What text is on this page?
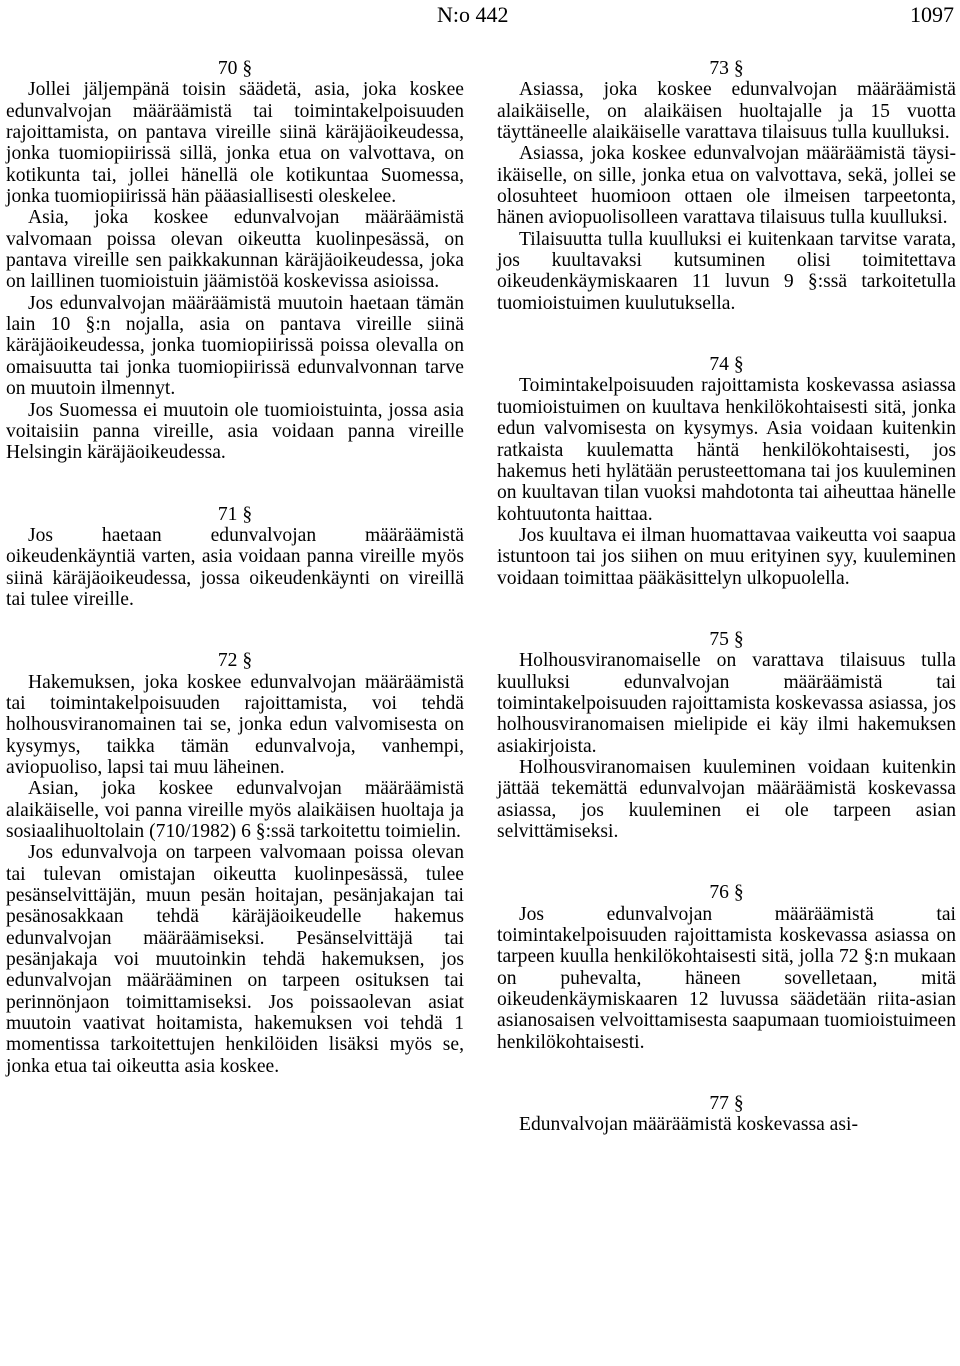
N:o 442	1097
70 §
Jollei jäljempänä toisin säädetä, asia, joka koskee edunvalvojan määräämistä tai toimintakelpoisuuden rajoittamista, on pantava vireille siinä käräjäoikeudessa, jonka tuomiopiirissä sillä, jonka etua on valvottava, on kotikunta tai, jollei hänellä ole kotikuntaa Suomessa, jonka tuomiopiirissä hän pääasiallisesti oleskelee.
Asia, joka koskee edunvalvojan määräämistä valvomaan poissa olevan oikeutta kuolinpesässä, on pantava vireille sen paikkakunnan käräjäoikeudessa, joka on laillinen tuomioistuin jäämistöä koskevissa asioissa.
Jos edunvalvojan määräämistä muutoin haetaan tämän lain 10 §:n nojalla, asia on pantava vireille siinä käräjäoikeudessa, jonka tuomiopiirissä poissa olevalla on omaisuutta tai jonka tuomiopiirissä edunvalvonnan tarve on muutoin ilmennyt.
Jos Suomessa ei muutoin ole tuomioistuinta, jossa asia voitaisiin panna vireille, asia voidaan panna vireille Helsingin käräjäoikeudessa.
71 §
Jos haetaan edunvalvojan määräämistä oikeudenkäyntiä varten, asia voidaan panna vireille myös siinä käräjäoikeudessa, jossa oikeudenkäynti on vireillä tai tulee vireille.
72 §
Hakemuksen, joka koskee edunvalvojan määräämistä tai toimintakelpoisuuden rajoittamista, voi tehdä holhousviranomainen tai se, jonka edun valvomisesta on kysymys, taikka tämän edunvalvoja, vanhempi, aviopuoliso, lapsi tai muu läheinen.
Asian, joka koskee edunvalvojan määräämistä alaikäiselle, voi panna vireille myös alaikäisen huoltaja ja sosiaalihuoltolain (710/1982) 6 §:ssä tarkoitettu toimielin.
Jos edunvalvoja on tarpeen valvomaan poissa olevan tai tulevan omistajan oikeutta kuolinpesässä, tulee pesänselvittäjän, muun pesän hoitajan, pesänjakajan tai pesänosakkaan tehdä käräjäoikeudelle hakemus edunvalvojan määräämiseksi. Pesänselvittäjä tai pesänjakaja voi muutoinkin tehdä hakemuksen, jos edunvalvojan määrääminen on tarpeen osituksen tai perinnönjaon toimittamiseksi. Jos poissaolevan asiat muutoin vaativat hoitamista, hakemuksen voi tehdä 1 momentissa tarkoitettujen henkilöiden lisäksi myös se, jonka etua tai oikeutta asia koskee.
73 §
Asiassa, joka koskee edunvalvojan määräämistä alaikäiselle, on alaikäisen huoltajalle ja 15 vuotta täyttäneelle alaikäiselle varattava tilaisuus tulla kuulluksi.
Asiassa, joka koskee edunvalvojan määräämistä täysi-ikäiselle, on sille, jonka etua on valvottava, sekä, jollei se olosuhteet huomioon ottaen ole ilmeisen tarpeetonta, hänen aviopuolisolleen varattava tilaisuus tulla kuulluksi.
Tilaisuutta tulla kuulluksi ei kuitenkaan tarvitse varata, jos kuultavaksi kutsuminen olisi toimitettava oikeudenkäymiskaaren 11 luvun 9 §:ssä tarkoitetulla tuomioistuimen kuulutuksella.
74 §
Toimintakelpoisuuden rajoittamista koskevassa asiassa tuomioistuimen on kuultava henkilökohtaisesti sitä, jonka edun valvomisesta on kysymys. Asia voidaan kuitenkin ratkaista kuulematta häntä henkilökohtaisesti, jos hakemus heti hylätään perusteettomana tai jos kuuleminen on kuultavan tilan vuoksi mahdotonta tai aiheuttaa hänelle kohtuutonta haittaa.
Jos kuultava ei ilman huomattavaa vaikeutta voi saapua istuntoon tai jos siihen on muu erityinen syy, kuuleminen voidaan toimittaa pääkäsittelyn ulkopuolella.
75 §
Holhousviranomaiselle on varattava tilaisuus tulla kuulluksi edunvalvojan määräämistä tai toimintakelpoisuuden rajoittamista koskevassa asiassa, jos holhousviranomaisen mielipide ei käy ilmi hakemuksen asiakirjoista.
Holhousviranomaisen kuuleminen voidaan kuitenkin jättää tekemättä edunvalvojan määräämistä koskevassa asiassa, jos kuuleminen ei ole tarpeen asian selvittämiseksi.
76 §
Jos edunvalvojan määräämistä tai toimintakelpoisuuden rajoittamista koskevassa asiassa on tarpeen kuulla henkilökohtaisesti sitä, jolla 72 §:n mukaan on puhevalta, häneen sovelletaan, mitä oikeudenkäymiskaaren 12 luvussa säädetään riita-asian asianosaisen velvoittamisesta saapumaan tuomioistuimeen henkilökohtaisesti.
77 §
Edunvalvojan määräämistä koskevassa asi-
